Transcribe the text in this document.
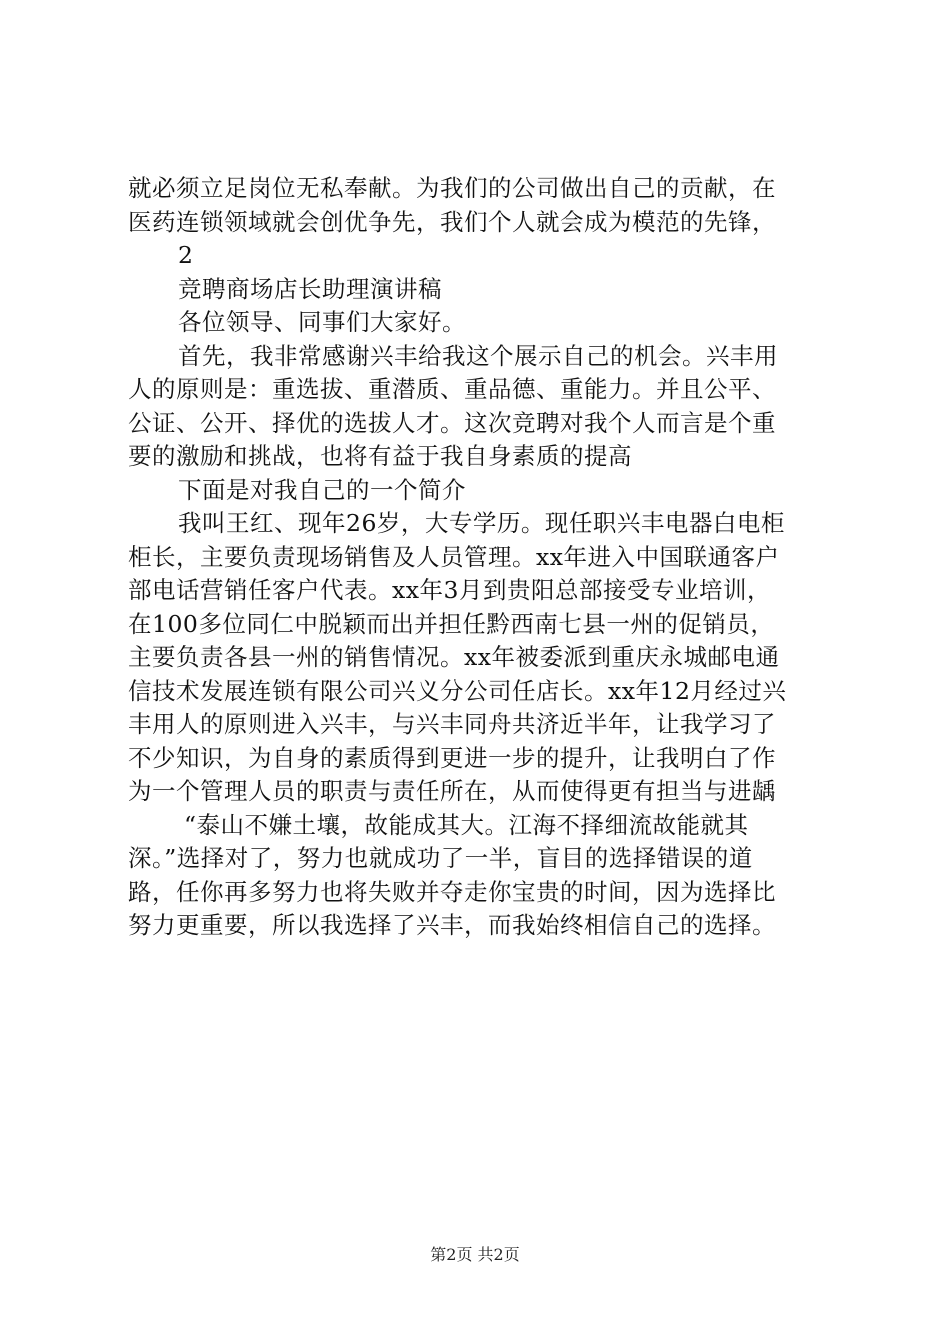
就必须立足岗位无私奉献。为我们的公司做出自己的贡献，在
医药连锁领域就会创优争先，我们个人就会成为模范的先锋，
2
竞聘商场店长助理演讲稿
各位领导、同事们大家好。
首先，我非常感谢兴丰给我这个展示自己的机会。兴丰用
人的原则是：重选拔、重潜质、重品德、重能力。并且公平、
公证、公开、择优的选拔人才。这次竞聘对我个人而言是个重
要的激励和挑战，也将有益于我自身素质的提高
下面是对我自己的一个简介
我叫王红、现年26岁，大专学历。现任职兴丰电器白电柜
柜长，主要负责现场销售及人员管理。xx年进入中国联通客户
部电话营销任客户代表。xx年3月到贵阳总部接受专业培训，
在100多位同仁中脱颖而出并担任黔西南七县一州的促销员，
主要负责各县一州的销售情况。xx年被委派到重庆永城邮电通
信技术发展连锁有限公司兴义分公司任店长。xx年12月经过兴
丰用人的原则进入兴丰，与兴丰同舟共济近半年，让我学习了
不少知识，为自身的素质得到更进一步的提升，让我明白了作
为一个管理人员的职责与责任所在，从而使得更有担当与进龋
“泰山不嫌土壤，故能成其大。江海不择细流故能就其
深。”选择对了，努力也就成功了一半，盲目的选择错误的道
路，任你再多努力也将失败并夺走你宝贵的时间，因为选择比
努力更重要，所以我选择了兴丰，而我始终相信自己的选择。
第2页 共2页
